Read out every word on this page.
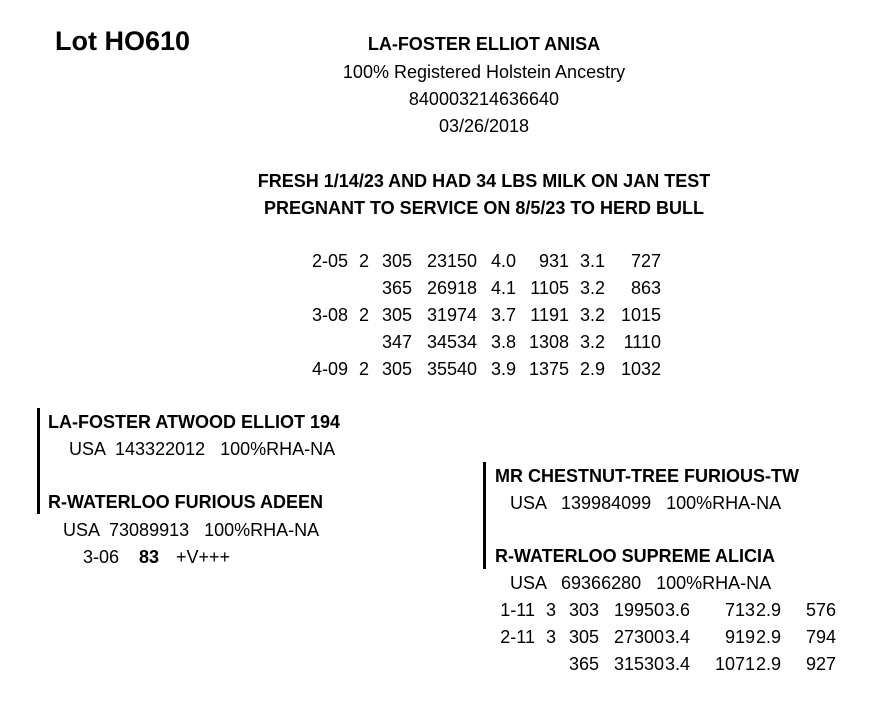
Lot HO610	LA-FOSTER ELLIOT ANISA
100% Registered Holstein Ancestry
840003214636640
03/26/2018
FRESH 1/14/23 AND HAD 34 LBS MILK ON JAN TEST
PREGNANT TO SERVICE ON 8/5/23 TO HERD BULL
2-05 2 305 23150 4.0 931 3.1 727
365 26918 4.1 1105 3.2 863
3-08 2 305 31974 3.7 1191 3.2 1015
347 34534 3.8 1308 3.2 1110
4-09 2 305 35540 3.9 1375 2.9 1032
LA-FOSTER ATWOOD ELLIOT 194
USA  143322012   100%RHA-NA
R-WATERLOO FURIOUS ADEEN
USA  73089913   100%RHA-NA
3-06 83 +V+++
MR CHESTNUT-TREE FURIOUS-TW
USA   139984099   100%RHA-NA
R-WATERLOO SUPREME ALICIA
USA   69366280   100%RHA-NA
1-11 3 303 19950 3.6 713 2.9 576
2-11 3 305 27300 3.4 919 2.9 794
365 31530 3.4 1071 2.9 927
